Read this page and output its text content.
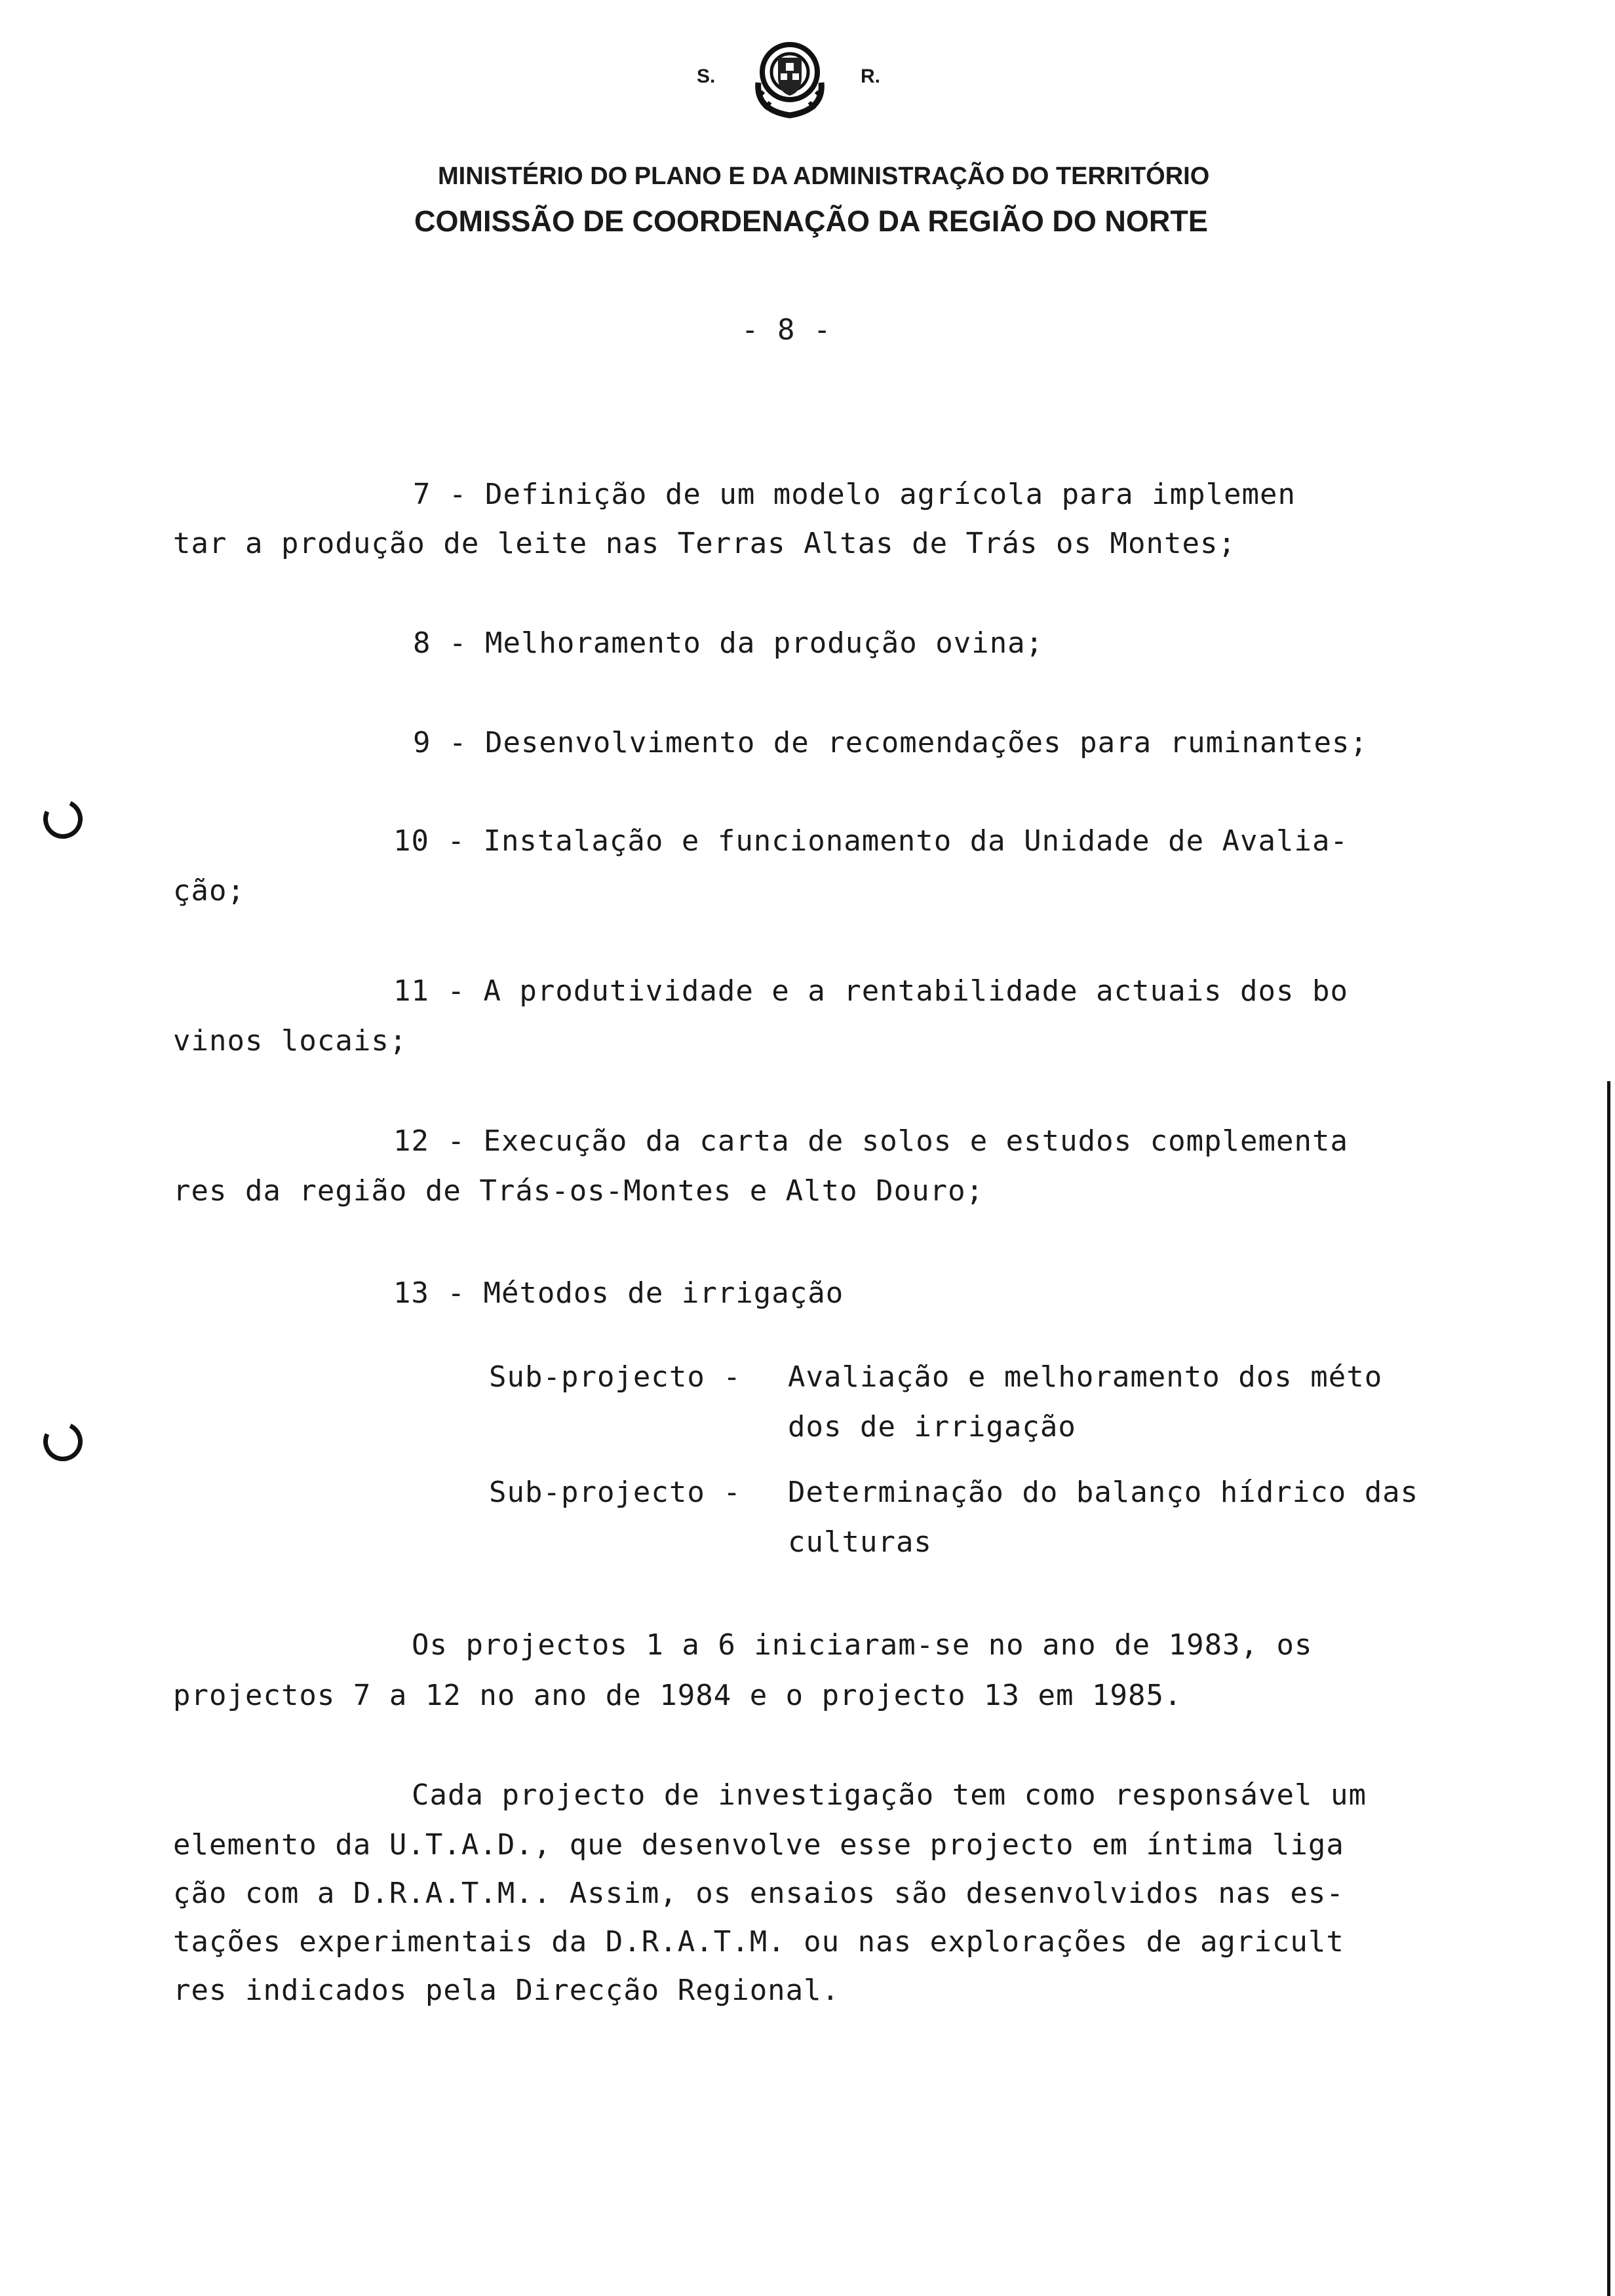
S.	R.
MINISTÉRIO DO PLANO E DA ADMINISTRAÇÃO DO TERRITÓRIO
COMISSÃO DE COORDENAÇÃO DA REGIÃO DO NORTE
- 8 -
7 - Definição de um modelo agrícola para implemen
tar a produção de leite nas Terras Altas de Trás os Montes;
8 - Melhoramento da produção ovina;
9 - Desenvolvimento de recomendações para ruminantes;
10 - Instalação e funcionamento da Unidade de Avalia-
ção;
11 - A produtividade e a rentabilidade actuais dos bo
vinos locais;
12 - Execução da carta de solos e estudos complementa
res da região de Trás-os-Montes e Alto Douro;
13 - Métodos de irrigação
Sub-projecto - Avaliação e melhoramento dos méto
dos de irrigação
Sub-projecto - Determinação do balanço hídrico das
culturas
Os projectos 1 a 6 iniciaram-se no ano de 1983, os
projectos 7 a 12 no ano de 1984 e o projecto 13 em 1985.
Cada projecto de investigação tem como responsável um
elemento da U.T.A.D., que desenvolve esse projecto em íntima liga
ção com a D.R.A.T.M.. Assim, os ensaios são desenvolvidos nas es-
tações experimentais da D.R.A.T.M. ou nas explorações de agricult
res indicados pela Direcção Regional.
